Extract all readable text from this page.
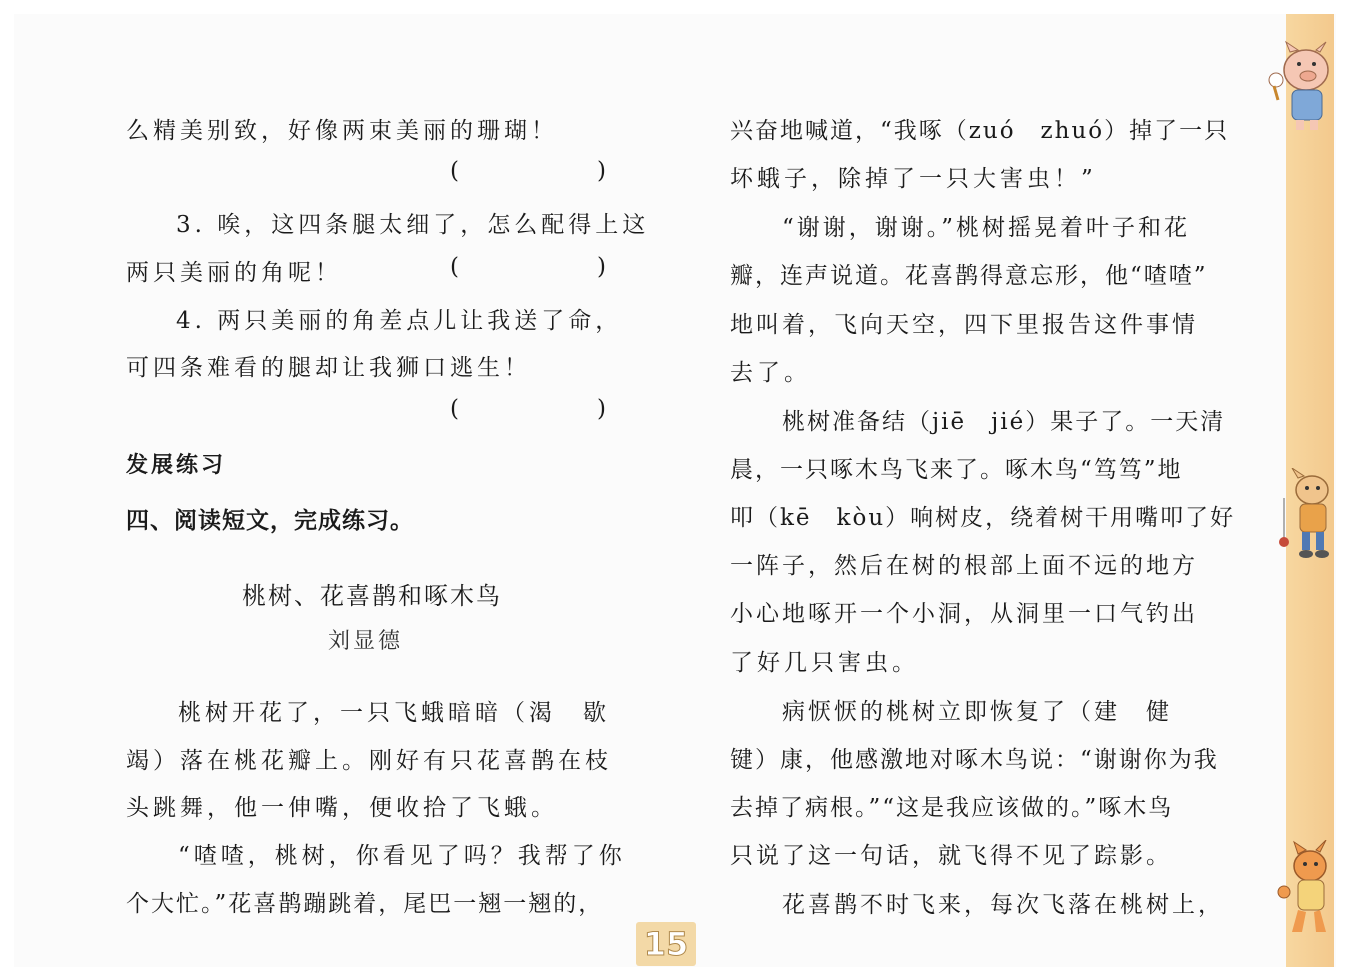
么精美别致，好像两束美丽的珊瑚！
(	)
3. 唉，这四条腿太细了，怎么配得上这
两只美丽的角呢！	(	)
4. 两只美丽的角差点儿让我送了命，
可四条难看的腿却让我狮口逃生！
(	)
发展练习
四、阅读短文，完成练习。
桃树、花喜鹊和啄木鸟
刘显德
桃树开花了，一只飞蛾暗暗（渴　歇
竭）落在桃花瓣上。刚好有只花喜鹊在枝
头跳舞，他一伸嘴，便收拾了飞蛾。
“喳喳，桃树，你看见了吗？我帮了你
个大忙。”花喜鹊蹦跳着，尾巴一翘一翘的，
兴奋地喊道，“我啄（zuó　zhuó）掉了一只
坏蛾子，除掉了一只大害虫！”
“谢谢，谢谢。”桃树摇晃着叶子和花
瓣，连声说道。花喜鹊得意忘形，他“喳喳”
地叫着，飞向天空，四下里报告这件事情
去了。
桃树准备结（jiē　jié）果子了。一天清
晨，一只啄木鸟飞来了。啄木鸟“笃笃”地
叩（kē　kòu）响树皮，绕着树干用嘴叩了好
一阵子，然后在树的根部上面不远的地方
小心地啄开一个小洞，从洞里一口气钓出
了好几只害虫。
病恹恹的桃树立即恢复了（建　健
键）康，他感激地对啄木鸟说：“谢谢你为我
去掉了病根。”“这是我应该做的。”啄木鸟
只说了这一句话，就飞得不见了踪影。
花喜鹊不时飞来，每次飞落在桃树上，
15
